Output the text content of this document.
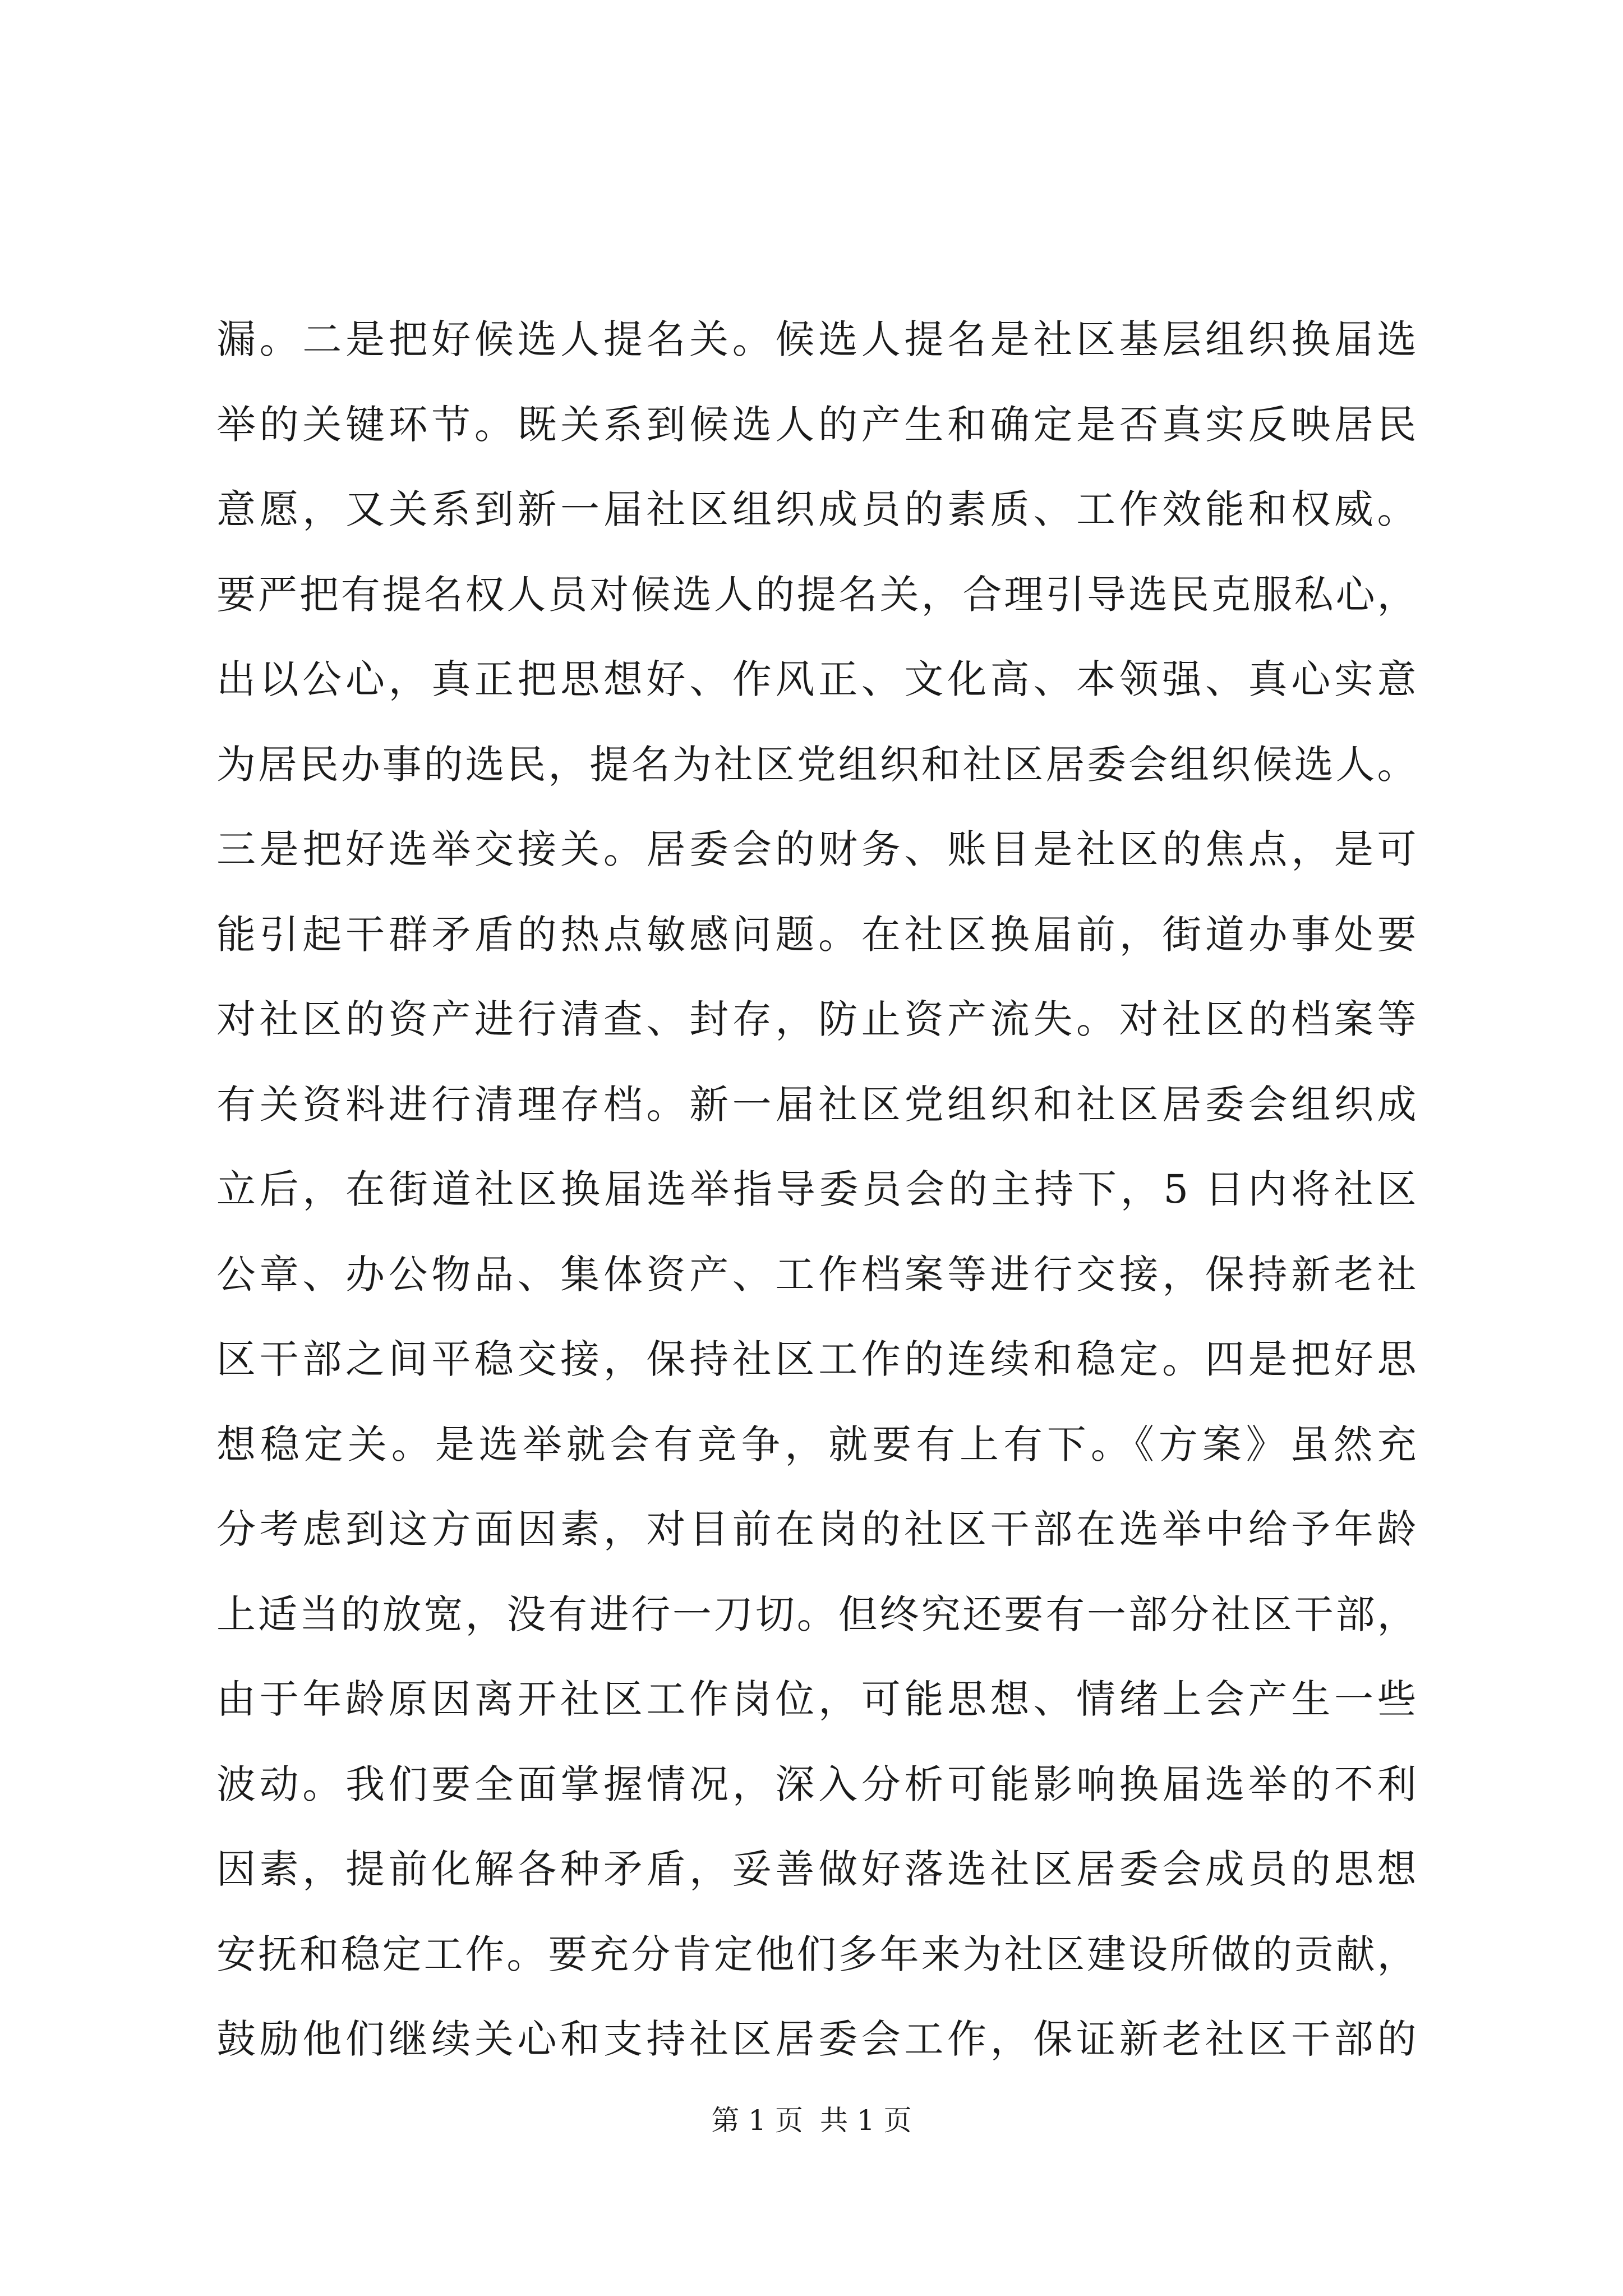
漏。二是把好候选人提名关。候选人提名是社区基层组织换届选
举的关键环节。既关系到候选人的产生和确定是否真实反映居民
意愿，又关系到新一届社区组织成员的素质、工作效能和权威。
要严把有提名权人员对候选人的提名关，合理引导选民克服私心，
出以公心，真正把思想好、作风正、文化高、本领强、真心实意
为居民办事的选民，提名为社区党组织和社区居委会组织候选人。
三是把好选举交接关。居委会的财务、账目是社区的焦点，是可
能引起干群矛盾的热点敏感问题。在社区换届前，街道办事处要
对社区的资产进行清查、封存，防止资产流失。对社区的档案等
有关资料进行清理存档。新一届社区党组织和社区居委会组织成
立后，在街道社区换届选举指导委员会的主持下，5 日内将社区
公章、办公物品、集体资产、工作档案等进行交接，保持新老社
区干部之间平稳交接，保持社区工作的连续和稳定。四是把好思
想稳定关。是选举就会有竞争，就要有上有下。《方案》虽然充
分考虑到这方面因素，对目前在岗的社区干部在选举中给予年龄
上适当的放宽，没有进行一刀切。但终究还要有一部分社区干部，
由于年龄原因离开社区工作岗位，可能思想、情绪上会产生一些
波动。我们要全面掌握情况，深入分析可能影响换届选举的不利
因素，提前化解各种矛盾，妥善做好落选社区居委会成员的思想
安抚和稳定工作。要充分肯定他们多年来为社区建设所做的贡献，
鼓励他们继续关心和支持社区居委会工作，保证新老社区干部的
第 1 页 共 1 页
